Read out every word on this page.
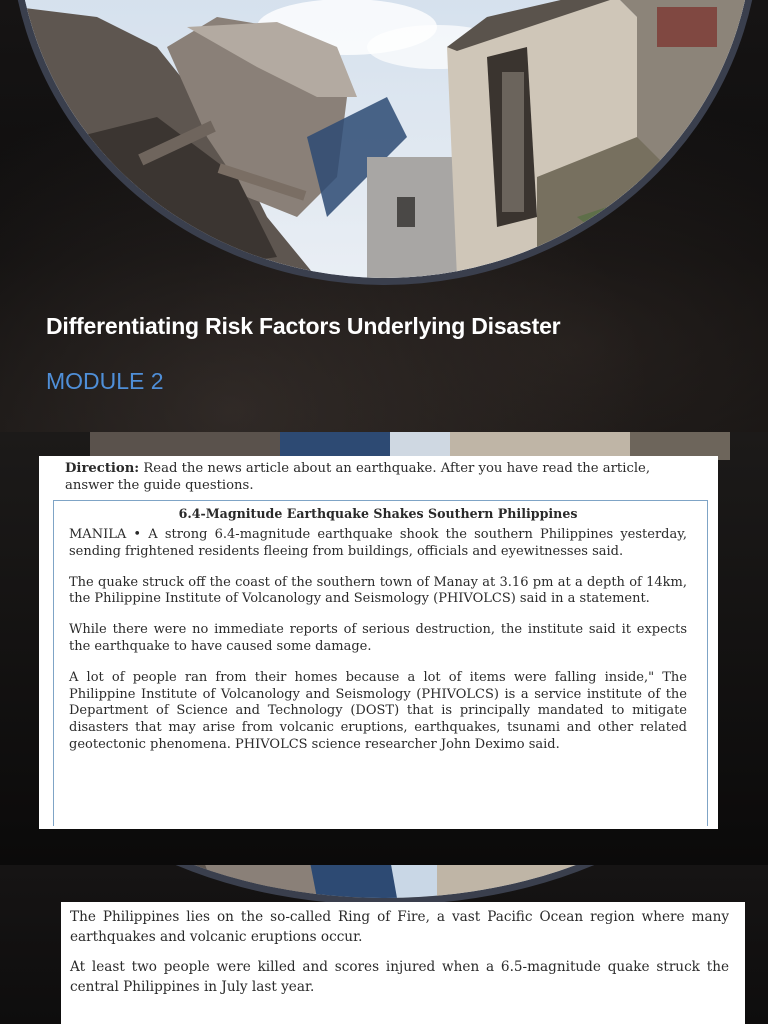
Differentiating Risk Factors Underlying Disaster
MODULE 2

Direction: Read the news article about an earthquake. After you have read the article, answer the guide questions.

6.4-Magnitude Earthquake Shakes Southern Philippines

MANILA • A strong 6.4-magnitude earthquake shook the southern Philippines yesterday, sending frightened residents fleeing from buildings, officials and eyewitnesses said.

The quake struck off the coast of the southern town of Manay at 3.16 pm at a depth of 14km, the Philippine Institute of Volcanology and Seismology (PHIVOLCS) said in a statement.

While there were no immediate reports of serious destruction, the institute said it expects the earthquake to have caused some damage.

A lot of people ran from their homes because a lot of items were falling inside," The Philippine Institute of Volcanology and Seismology (PHIVOLCS) is a service institute of the Department of Science and Technology (DOST) that is principally mandated to mitigate disasters that may arise from volcanic eruptions, earthquakes, tsunami and other related geotectonic phenomena. PHIVOLCS science researcher John Deximo said.

The Philippines lies on the so-called Ring of Fire, a vast Pacific Ocean region where many earthquakes and volcanic eruptions occur.

At least two people were killed and scores injured when a 6.5-magnitude quake struck the central Philippines in July last year.
